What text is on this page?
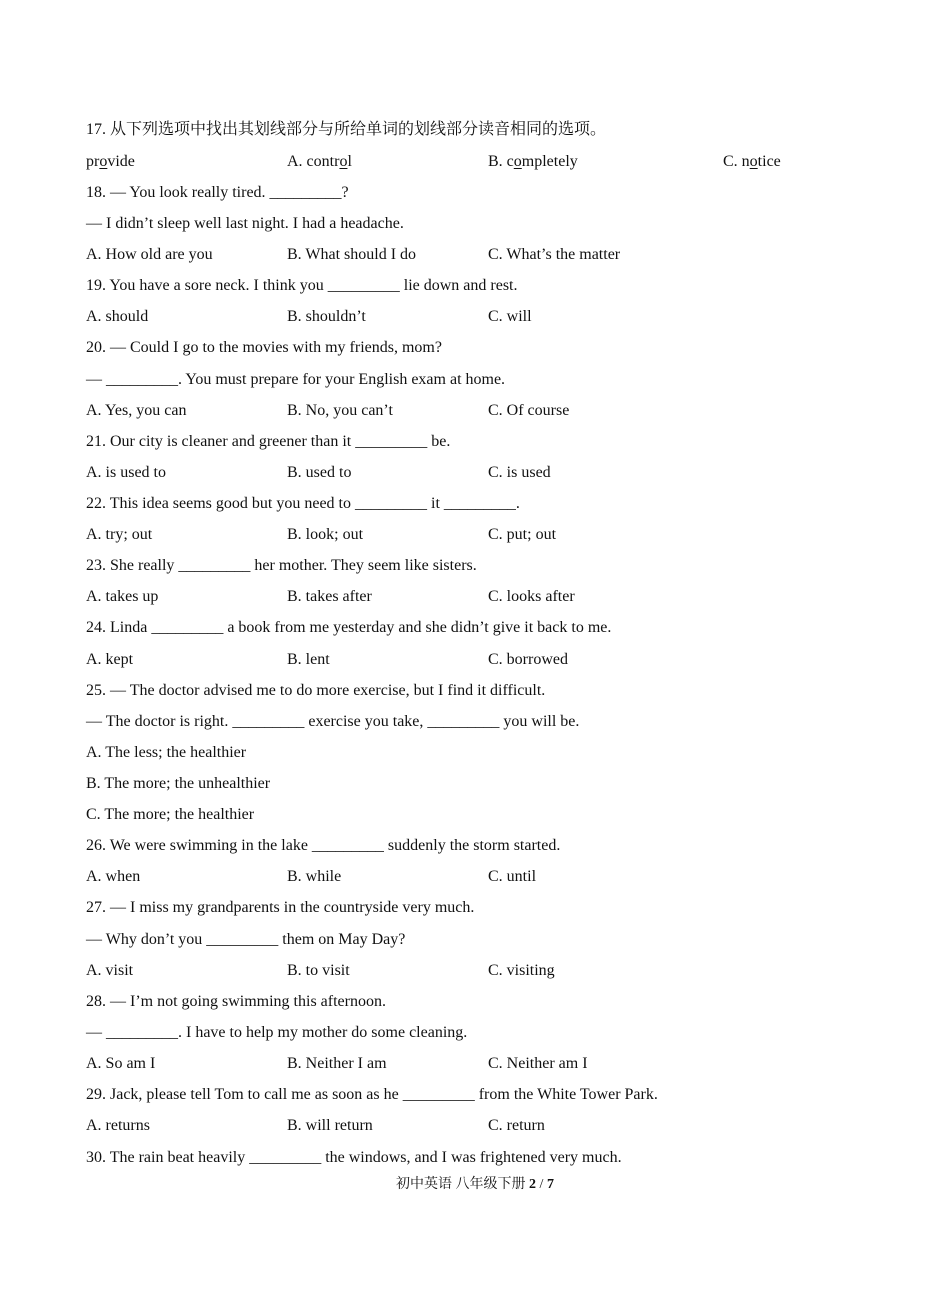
17. 从下列选项中找出其划线部分与所给单词的划线部分读音相同的选项。
provide	A. control	B. completely	C. notice
18. — You look really tired. _________?
— I didn’t sleep well last night. I had a headache.
A. How old are you	B. What should I do	C. What’s the matter
19. You have a sore neck. I think you _________ lie down and rest.
A. should	B. shouldn’t	C. will
20. — Could I go to the movies with my friends, mom?
— _________. You must prepare for your English exam at home.
A. Yes, you can	B. No, you can’t	C. Of course
21. Our city is cleaner and greener than it _________ be.
A. is used to	B. used to	C. is used
22. This idea seems good but you need to _________ it _________.
A. try; out	B. look; out	C. put; out
23. She really _________ her mother. They seem like sisters.
A. takes up	B. takes after	C. looks after
24. Linda _________ a book from me yesterday and she didn’t give it back to me.
A. kept	B. lent	C. borrowed
25. — The doctor advised me to do more exercise, but I find it difficult.
— The doctor is right. _________ exercise you take, _________ you will be.
A. The less; the healthier
B. The more; the unhealthier
C. The more; the healthier
26. We were swimming in the lake _________ suddenly the storm started.
A. when	B. while	C. until
27. — I miss my grandparents in the countryside very much.
— Why don’t you _________ them on May Day?
A. visit	B. to visit	C. visiting
28. — I’m not going swimming this afternoon.
— _________. I have to help my mother do some cleaning.
A. So am I	B. Neither I am	C. Neither am I
29. Jack, please tell Tom to call me as soon as he _________ from the White Tower Park.
A. returns	B. will return	C. return
30. The rain beat heavily _________ the windows, and I was frightened very much.
初中英语 八年级下册 2 / 7
